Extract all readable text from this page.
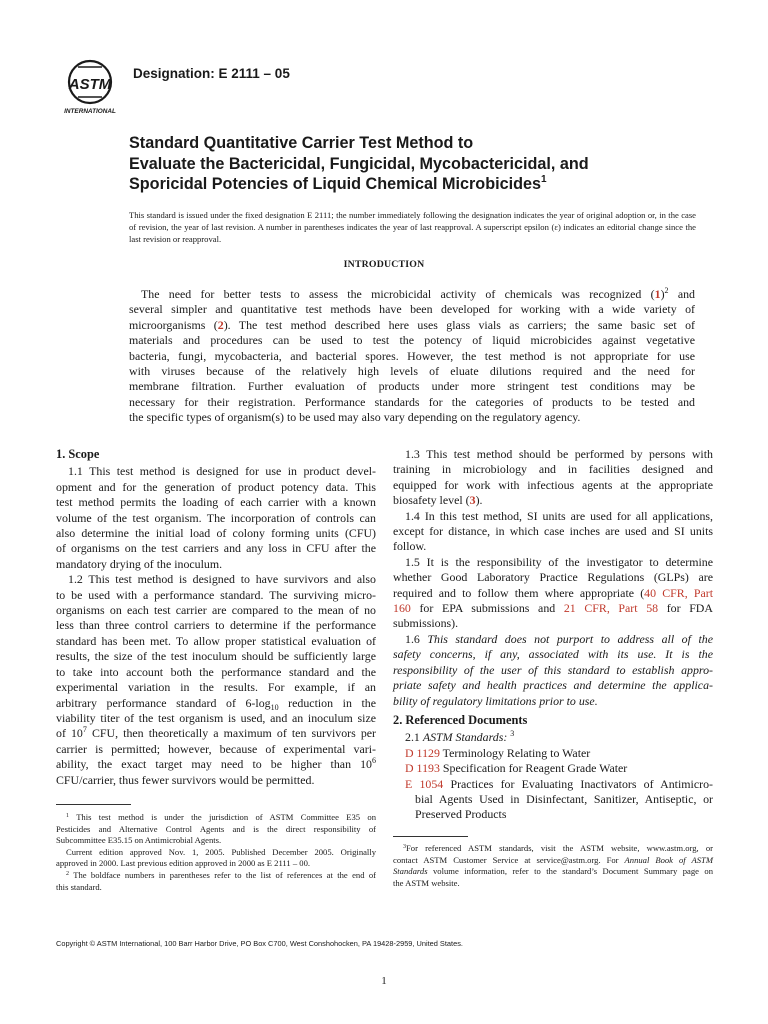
ASTM
INTERNATIONAL
Designation: E 2111 – 05
Standard Quantitative Carrier Test Method to
Evaluate the Bactericidal, Fungicidal, Mycobactericidal, and
Sporicidal Potencies of Liquid Chemical Microbicides$^1$
This standard is issued under the fixed designation E 2111; the number immediately following the designation indicates the year of original adoption or, in the case of revision, the year of last revision. A number in parentheses indicates the year of last reapproval. A superscript epsilon (ε) indicates an editorial change since the last revision or reapproval.
INTRODUCTION
The need for better tests to assess the microbicidal activity of chemicals was recognized $(1)^2$ and
several simpler and quantitative test methods have been developed for working with a wide variety of
microorganisms (2). The test method described here uses glass vials as carriers; the same basic set of
materials and procedures can be used to test the potency of liquid microbicides against vegetative
bacteria, fungi, mycobacteria, and bacterial spores. However, the test method is not appropriate for use
with viruses because of the relatively high levels of eluate dilutions required and the need for
membrane filtration. Further evaluation of products under more stringent test conditions may be
necessary for their registration. Performance standards for the categories of products to be tested and
the specific types of organism(s) to be used may also vary depending on the regulatory agency.
1. Scope
1.1 This test method is designed for use in product devel-
opment and for the generation of product potency data. This
test method permits the loading of each carrier with a known
volume of the test organism. The incorporation of controls can
also determine the initial load of colony forming units (CFU)
of organisms on the test carriers and any loss in CFU after the
mandatory drying of the inoculum.
1.2 This test method is designed to have survivors and also
to be used with a performance standard. The surviving micro-
organisms on each test carrier are compared to the mean of no
less than three control carriers to determine if the performance
standard has been met. To allow proper statistical evaluation of
results, the size of the test inoculum should be sufficiently large
to take into account both the performance standard and the
experimental variation in the results. For example, if an
arbitrary performance standard of $6-\log_{10}$ reduction in the
viability titer of the test organism is used, and an inoculum size
of $10^7$ CFU, then theoretically a maximum of ten survivors per
carrier is permitted; however, because of experimental vari-
ability, the exact target may need to be higher than $10^6$
CFU/carrier, thus fewer survivors would be permitted.
1.3 This test method should be performed by persons with
training in microbiology and in facilities designed and
equipped for work with infectious agents at the appropriate
biosafety level (3).
1.4 In this test method, SI units are used for all applications,
except for distance, in which case inches are used and SI units
follow.
1.5 It is the responsibility of the investigator to determine
whether Good Laboratory Practice Regulations (GLPs) are
required and to follow them where appropriate (40 CFR, Part
160 for EPA submissions and 21 CFR, Part 58 for FDA
submissions).
1.6 This standard does not purport to address all of the
safety concerns, if any, associated with its use. It is the
responsibility of the user of this standard to establish appro-
priate safety and health practices and determine the applica-
bility of regulatory limitations prior to use.
2. Referenced Documents
2.1 ASTM Standards: $^3$
D 1129 Terminology Relating to Water
D 1193 Specification for Reagent Grade Water
E 1054 Practices for Evaluating Inactivators of Antimicro-
bial Agents Used in Disinfectant, Sanitizer, Antiseptic, or
Preserved Products
$^1$ This test method is under the jurisdiction of ASTM Committee E35 on
Pesticides and Alternative Control Agents and is the direct responsibility of
Subcommittee E35.15 on Antimicrobial Agents.
Current edition approved Nov. 1, 2005. Published December 2005. Originally
approved in 2000. Last previous edition approved in 2000 as E 2111 – 00.
$^2$ The boldface numbers in parentheses refer to the list of references at the end of
this standard.
$^3$For referenced ASTM standards, visit the ASTM website, www.astm.org, or
contact ASTM Customer Service at service@astm.org. For Annual Book of ASTM
Standards volume information, refer to the standard’s Document Summary page on
the ASTM website.
Copyright © ASTM International, 100 Barr Harbor Drive, PO Box C700, West Conshohocken, PA 19428-2959, United States.
1
